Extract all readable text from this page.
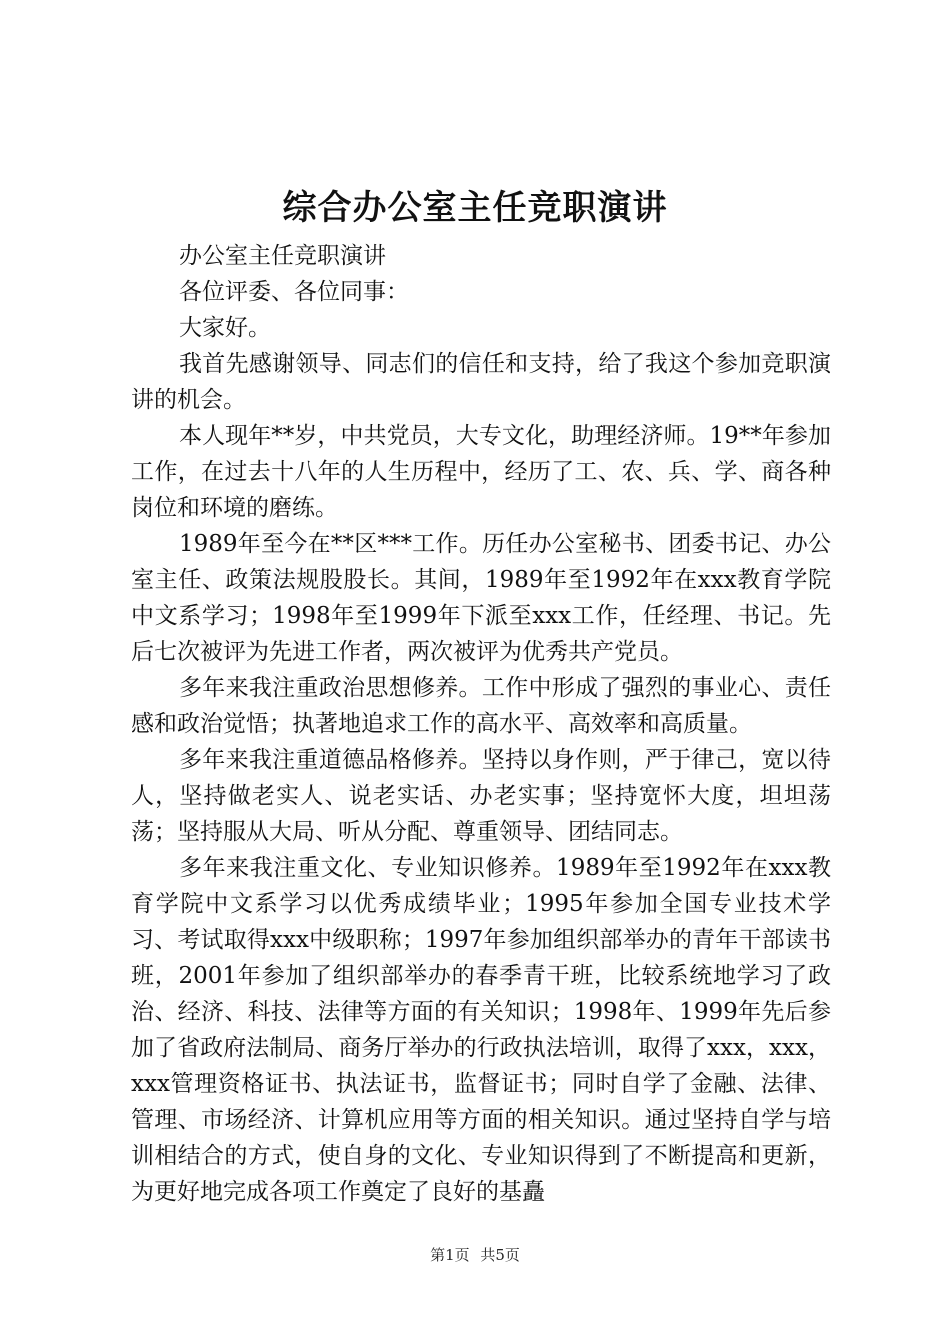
综合办公室主任竞职演讲

办公室主任竞职演讲

各位评委、各位同事：

大家好。

我首先感谢领导、同志们的信任和支持，给了我这个参加竞职演讲的机会。

本人现年**岁，中共党员，大专文化，助理经济师。19**年参加工作，在过去十八年的人生历程中，经历了工、农、兵、学、商各种岗位和环境的磨练。

1989年至今在**区***工作。历任办公室秘书、团委书记、办公室主任、政策法规股股长。其间，1989年至1992年在xxx教育学院中文系学习；1998年至1999年下派至xxx工作，任经理、书记。先后七次被评为先进工作者，两次被评为优秀共产党员。

多年来我注重政治思想修养。工作中形成了强烈的事业心、责任感和政治觉悟；执著地追求工作的高水平、高效率和高质量。

多年来我注重道德品格修养。坚持以身作则，严于律己，宽以待人，坚持做老实人、说老实话、办老实事；坚持宽怀大度，坦坦荡荡；坚持服从大局、听从分配、尊重领导、团结同志。

多年来我注重文化、专业知识修养。1989年至1992年在xxx教育学院中文系学习以优秀成绩毕业；1995年参加全国专业技术学习、考试取得xxx中级职称；1997年参加组织部举办的青年干部读书班，2001年参加了组织部举办的春季青干班，比较系统地学习了政治、经济、科技、法律等方面的有关知识；1998年、1999年先后参加了省政府法制局、商务厅举办的行政执法培训，取得了xxx，xxx，xxx管理资格证书、执法证书，监督证书；同时自学了金融、法律、管理、市场经济、计算机应用等方面的相关知识。通过坚持自学与培训相结合的方式，使自身的文化、专业知识得到了不断提高和更新，为更好地完成各项工作奠定了良好的基矗

第1页 共5页
